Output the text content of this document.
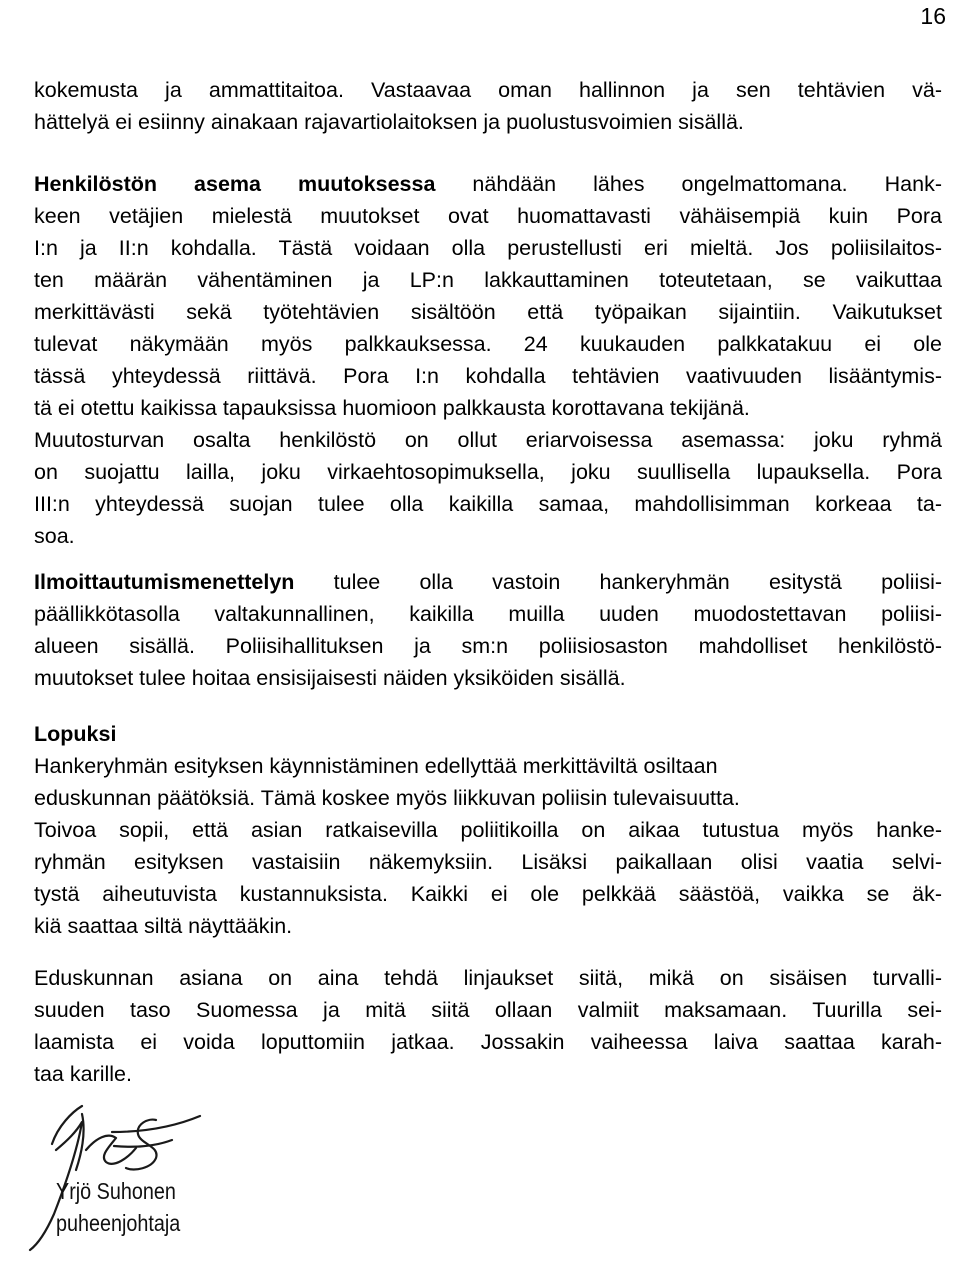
16
kokemusta ja ammattitaitoa. Vastaavaa oman hallinnon ja sen tehtävien vä-
hättelyä ei esiinny ainakaan rajavartiolaitoksen ja puolustusvoimien sisällä.
Henkilöstön asema muutoksessa nähdään lähes ongelmattomana. Hank-
keen vetäjien mielestä muutokset ovat huomattavasti vähäisempiä kuin Pora
I:n ja II:n kohdalla. Tästä voidaan olla perustellusti eri mieltä. Jos poliisilaitos-
ten määrän vähentäminen ja LP:n lakkauttaminen toteutetaan, se vaikuttaa
merkittävästi sekä työtehtävien sisältöön että työpaikan sijaintiin. Vaikutukset
tulevat näkymään myös palkkauksessa. 24 kuukauden palkkatakuu ei ole
tässä yhteydessä riittävä. Pora I:n kohdalla tehtävien vaativuuden lisääntymis-
tä ei otettu kaikissa tapauksissa huomioon palkkausta korottavana tekijänä.
Muutosturvan osalta henkilöstö on ollut eriarvoisessa asemassa: joku ryhmä
on suojattu lailla, joku virkaehtosopimuksella, joku suullisella lupauksella. Pora
III:n yhteydessä suojan tulee olla kaikilla samaa, mahdollisimman korkeaa ta-
soa.
Ilmoittautumismenettelyn tulee olla vastoin hankeryhmän esitystä poliisi-
päällikkötasolla valtakunnallinen, kaikilla muilla uuden muodostettavan poliisi-
alueen sisällä. Poliisihallituksen ja sm:n poliisiosaston mahdolliset henkilöstö-
muutokset tulee hoitaa ensisijaisesti näiden yksiköiden sisällä.
Lopuksi
Hankeryhmän esityksen käynnistäminen edellyttää merkittäviltä osiltaan
eduskunnan päätöksiä. Tämä koskee myös liikkuvan poliisin tulevaisuutta.
Toivoa sopii, että asian ratkaisevilla poliitikoilla on aikaa tutustua myös hanke-
ryhmän esityksen vastaisiin näkemyksiin. Lisäksi paikallaan olisi vaatia selvi-
tystä aiheutuvista kustannuksista. Kaikki ei ole pelkkää säästöä, vaikka se äk-
kiä saattaa siltä näyttääkin.
Eduskunnan asiana on aina tehdä linjaukset siitä, mikä on sisäisen turvalli-
suuden taso Suomessa ja mitä siitä ollaan valmiit maksamaan. Tuurilla sei-
laamista ei voida loputtomiin jatkaa. Jossakin vaiheessa laiva saattaa karah-
taa karille.
Yrjö Suhonen
puheenjohtaja
